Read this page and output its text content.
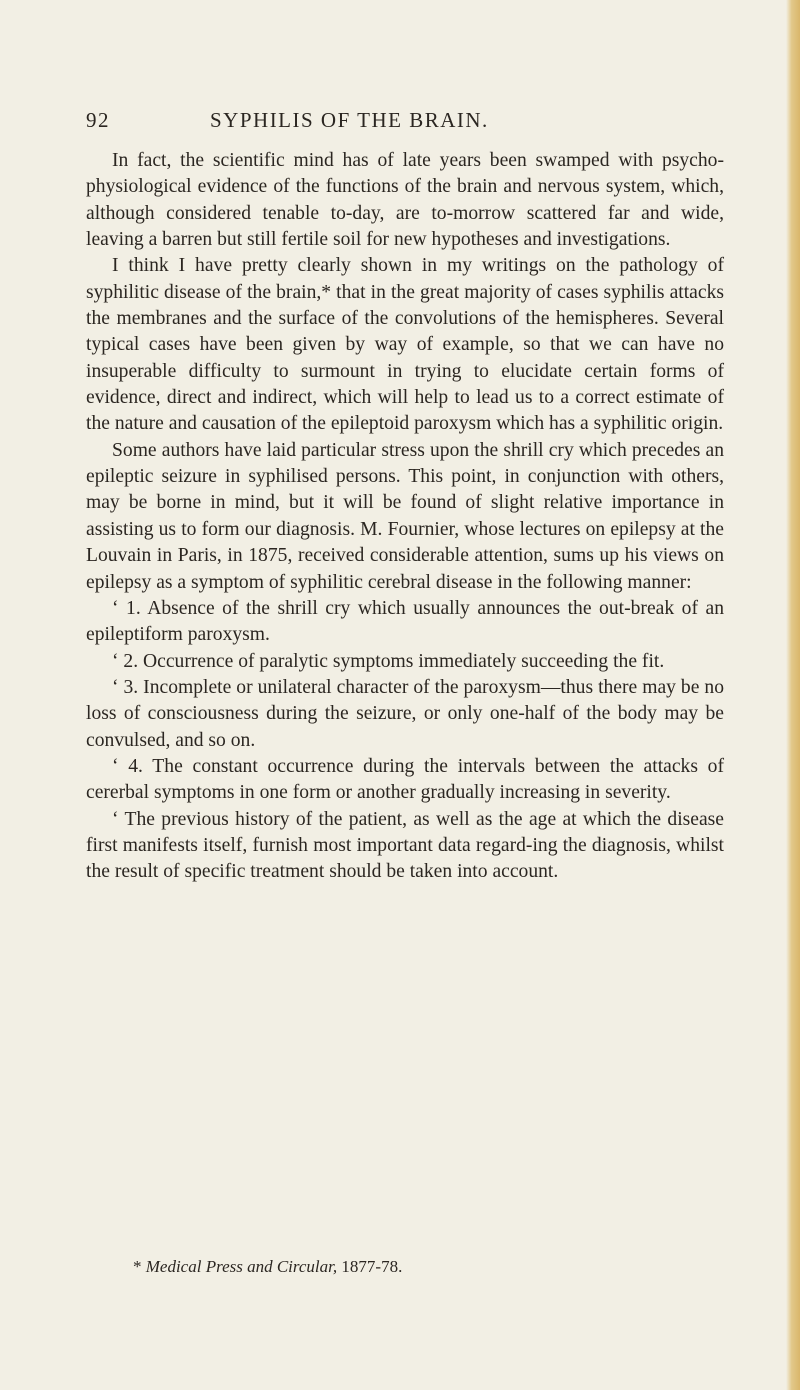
92	SYPHILIS OF THE BRAIN.

In fact, the scientific mind has of late years been swamped with psycho-physiological evidence of the functions of the brain and nervous system, which, although considered tenable to-day, are to-morrow scattered far and wide, leaving a barren but still fertile soil for new hypotheses and investigations.

I think I have pretty clearly shown in my writings on the pathology of syphilitic disease of the brain,* that in the great majority of cases syphilis attacks the membranes and the surface of the convolutions of the hemispheres. Several typical cases have been given by way of example, so that we can have no insuperable difficulty to surmount in trying to elucidate certain forms of evidence, direct and indirect, which will help to lead us to a correct estimate of the nature and causation of the epileptoid paroxysm which has a syphilitic origin.

Some authors have laid particular stress upon the shrill cry which precedes an epileptic seizure in syphilised persons. This point, in conjunction with others, may be borne in mind, but it will be found of slight relative importance in assisting us to form our diagnosis. M. Fournier, whose lectures on epilepsy at the Louvain in Paris, in 1875, received considerable attention, sums up his views on epilepsy as a symptom of syphilitic cerebral disease in the following manner:

‘ 1. Absence of the shrill cry which usually announces the out-break of an epileptiform paroxysm.

‘ 2. Occurrence of paralytic symptoms immediately succeeding the fit.

‘ 3. Incomplete or unilateral character of the paroxysm—thus there may be no loss of consciousness during the seizure, or only one-half of the body may be convulsed, and so on.

‘ 4. The constant occurrence during the intervals between the attacks of cererbal symptoms in one form or another gradually increasing in severity.

‘ The previous history of the patient, as well as the age at which the disease first manifests itself, furnish most important data regard-ing the diagnosis, whilst the result of specific treatment should be taken into account.

* Medical Press and Circular, 1877-78.
